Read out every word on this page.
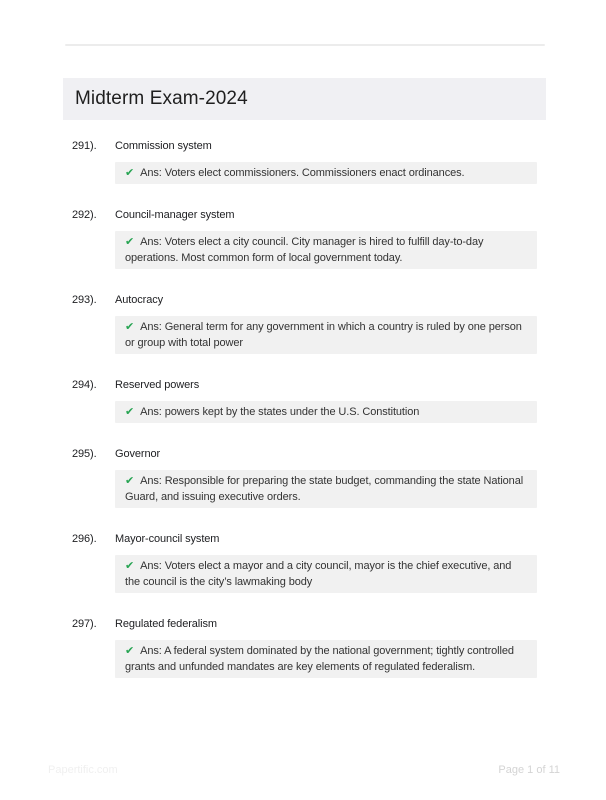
Midterm Exam-2024
291).	Commission system
✔ Ans: Voters elect commissioners. Commissioners enact ordinances.
292).	Council-manager system
✔ Ans: Voters elect a city council. City manager is hired to fulfill day-to-day operations. Most common form of local government today.
293).	Autocracy
✔ Ans: General term for any government in which a country is ruled by one person or group with total power
294).	Reserved powers
✔ Ans: powers kept by the states under the U.S. Constitution
295).	Governor
✔ Ans: Responsible for preparing the state budget, commanding the state National Guard, and issuing executive orders.
296).	Mayor-council system
✔ Ans: Voters elect a mayor and a city council, mayor is the chief executive, and the council is the city’s lawmaking body
297).	Regulated federalism
✔ Ans: A federal system dominated by the national government; tightly controlled grants and unfunded mandates are key elements of regulated federalism.
Papertific.com	Page 1 of 11
